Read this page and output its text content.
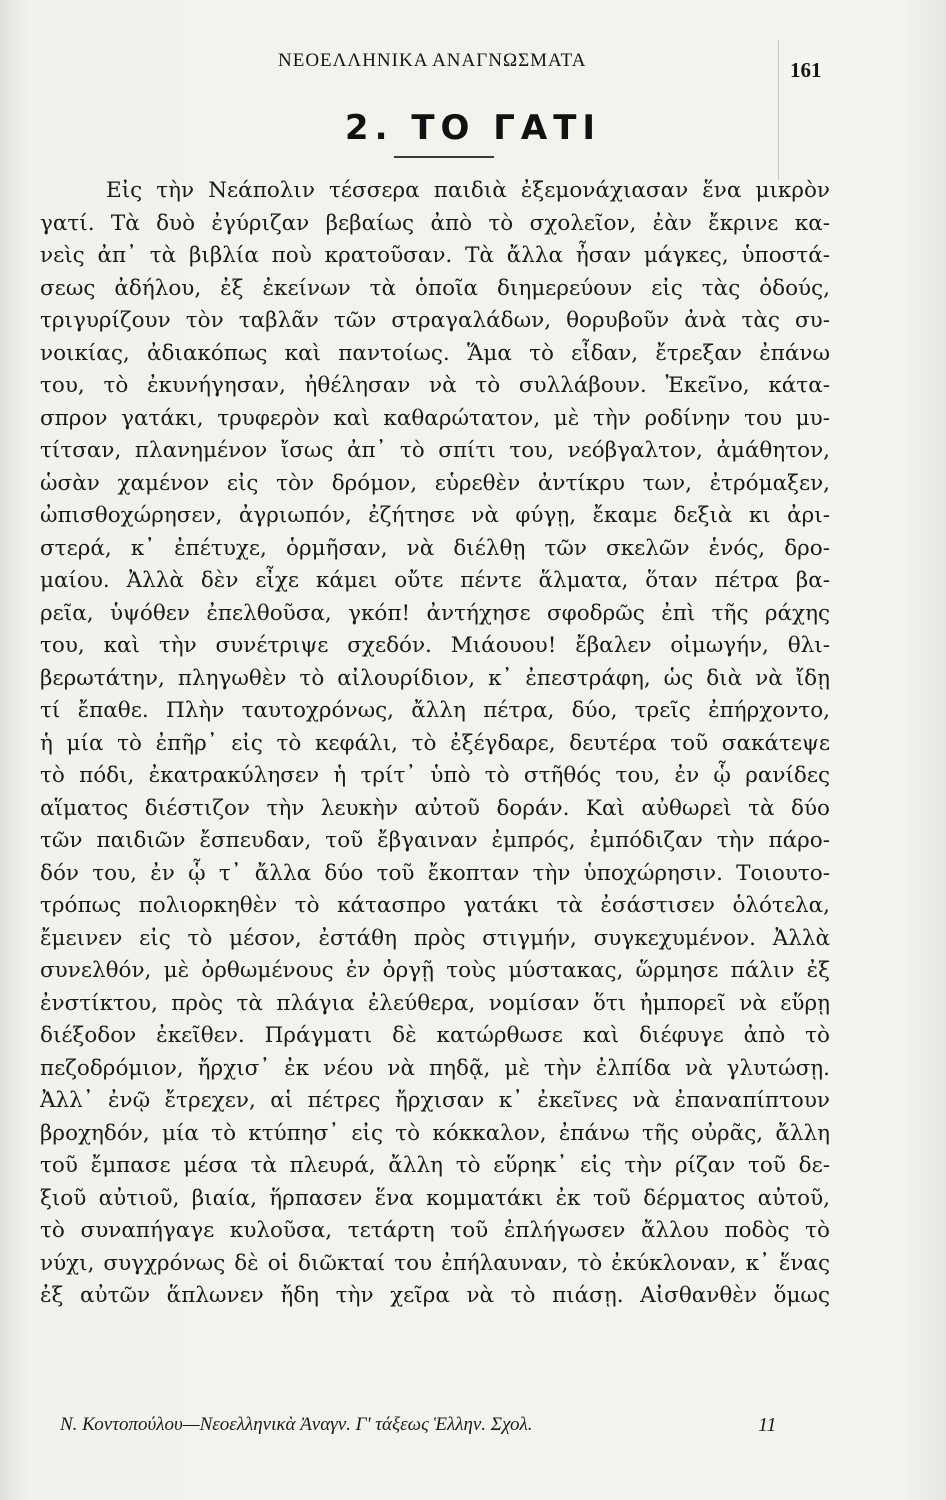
ΝΕΟΕΛΛΗΝΙΚΑ ΑΝΑΓΝΩΣΜΑΤΑ	161
2. ΤΟ ΓΑΤΙ
Εἰς τὴν Νεάπολιν τέσσερα παιδιὰ ἐξεμονάχιασαν ἕνα μικρὸν
γατί. Τὰ δυὸ ἐγύριζαν βεβαίως ἀπὸ τὸ σχολεῖον, ἐὰν ἔκρινε κα-
νεὶς ἀπ᾽ τὰ βιβλία ποὺ κρατοῦσαν. Τὰ ἄλλα ἦσαν μάγκες, ὑποστά-
σεως ἀδήλου, ἐξ ἐκείνων τὰ ὁποῖα διημερεύουν εἰς τὰς ὁδούς,
τριγυρίζουν τὸν ταβλᾶν τῶν στραγαλάδων, θορυβοῦν ἀνὰ τὰς συ-
νοικίας, ἀδιακόπως καὶ παντοίως. Ἅμα τὸ εἶδαν, ἔτρεξαν ἐπάνω
του, τὸ ἐκυνήγησαν, ἠθέλησαν νὰ τὸ συλλάβουν. Ἐκεῖνο, κάτα-
σπρον γατάκι, τρυφερὸν καὶ καθαρώτατον, μὲ τὴν ροδίνην του μυ-
τίτσαν, πλανημένον ἴσως ἀπ᾽ τὸ σπίτι του, νεόβγαλτον, ἀμάθητον,
ὡσὰν χαμένον εἰς τὸν δρόμον, εὑρεθὲν ἀντίκρυ των, ἐτρόμαξεν,
ὠπισθοχώρησεν, ἀγριωπόν, ἐζήτησε νὰ φύγῃ, ἔκαμε δεξιὰ κι ἀρι-
στερά, κ᾽ ἐπέτυχε, ὁρμῆσαν, νὰ διέλθῃ τῶν σκελῶν ἑνός, δρο-
μαίου. Ἀλλὰ δὲν εἶχε κάμει οὔτε πέντε ἅλματα, ὅταν πέτρα βα-
ρεῖα, ὑψόθεν ἐπελθοῦσα, γκόπ! ἀντήχησε σφοδρῶς ἐπὶ τῆς ράχης
του, καὶ τὴν συνέτριψε σχεδόν. Μιάουου! ἔβαλεν οἰμωγήν, θλι-
βερωτάτην, πληγωθὲν τὸ αἰλουρίδιον, κ᾽ ἐπεστράφη, ὡς διὰ νὰ ἴδῃ
τί ἔπαθε. Πλὴν ταυτοχρόνως, ἄλλη πέτρα, δύο, τρεῖς ἐπήρχοντο,
ἡ μία τὸ ἐπῆρ᾽ εἰς τὸ κεφάλι, τὸ ἐξέγδαρε, δευτέρα τοῦ σακάτεψε
τὸ πόδι, ἐκατρακύλησεν ἡ τρίτ᾽ ὑπὸ τὸ στῆθός του, ἐν ᾧ ρανίδες
αἵματος διέστιζον τὴν λευκὴν αὐτοῦ δοράν. Καὶ αὐθωρεὶ τὰ δύο
τῶν παιδιῶν ἔσπευδαν, τοῦ ἔβγαιναν ἐμπρός, ἐμπόδιζαν τὴν πάρο-
δόν του, ἐν ᾧ τ᾽ ἄλλα δύο τοῦ ἔκοπταν τὴν ὑποχώρησιν. Τοιουτο-
τρόπως πολιορκηθὲν τὸ κάτασπρο γατάκι τὰ ἐσάστισεν ὁλότελα,
ἔμεινεν εἰς τὸ μέσον, ἐστάθη πρὸς στιγμήν, συγκεχυμένον. Ἀλλὰ
συνελθόν, μὲ ὀρθωμένους ἐν ὀργῇ τοὺς μύστακας, ὥρμησε πάλιν ἐξ
ἐνστίκτου, πρὸς τὰ πλάγια ἐλεύθερα, νομίσαν ὅτι ἠμπορεῖ νὰ εὕρῃ
διέξοδον ἐκεῖθεν. Πράγματι δὲ κατώρθωσε καὶ διέφυγε ἀπὸ τὸ
πεζοδρόμιον, ἤρχισ᾽ ἐκ νέου νὰ πηδᾷ, μὲ τὴν ἐλπίδα νὰ γλυτώσῃ.
Ἀλλ᾽ ἐνῷ ἔτρεχεν, αἱ πέτρες ἤρχισαν κ᾽ ἐκεῖνες νὰ ἐπαναπίπτουν
βροχηδόν, μία τὸ κτύπησ᾽ εἰς τὸ κόκκαλον, ἐπάνω τῆς οὐρᾶς, ἄλλη
τοῦ ἔμπασε μέσα τὰ πλευρά, ἄλλη τὸ εὕρηκ᾽ εἰς τὴν ρίζαν τοῦ δε-
ξιοῦ αὐτιοῦ, βιαία, ἥρπασεν ἕνα κομματάκι ἐκ τοῦ δέρματος αὐτοῦ,
τὸ συναπήγαγε κυλοῦσα, τετάρτη τοῦ ἐπλήγωσεν ἄλλου ποδὸς τὸ
νύχι, συγχρόνως δὲ οἱ διῶκταί του ἐπήλαυναν, τὸ ἐκύκλοναν, κ᾽ ἕνας
ἐξ αὐτῶν ἅπλωνεν ἤδη τὴν χεῖρα νὰ τὸ πιάσῃ. Αἰσθανθὲν ὅμως
Ν. Κοντοπούλου—Νεοελληνικὰ Ἀναγν. Γ' τάξεως Ἑλλην. Σχολ.	11
